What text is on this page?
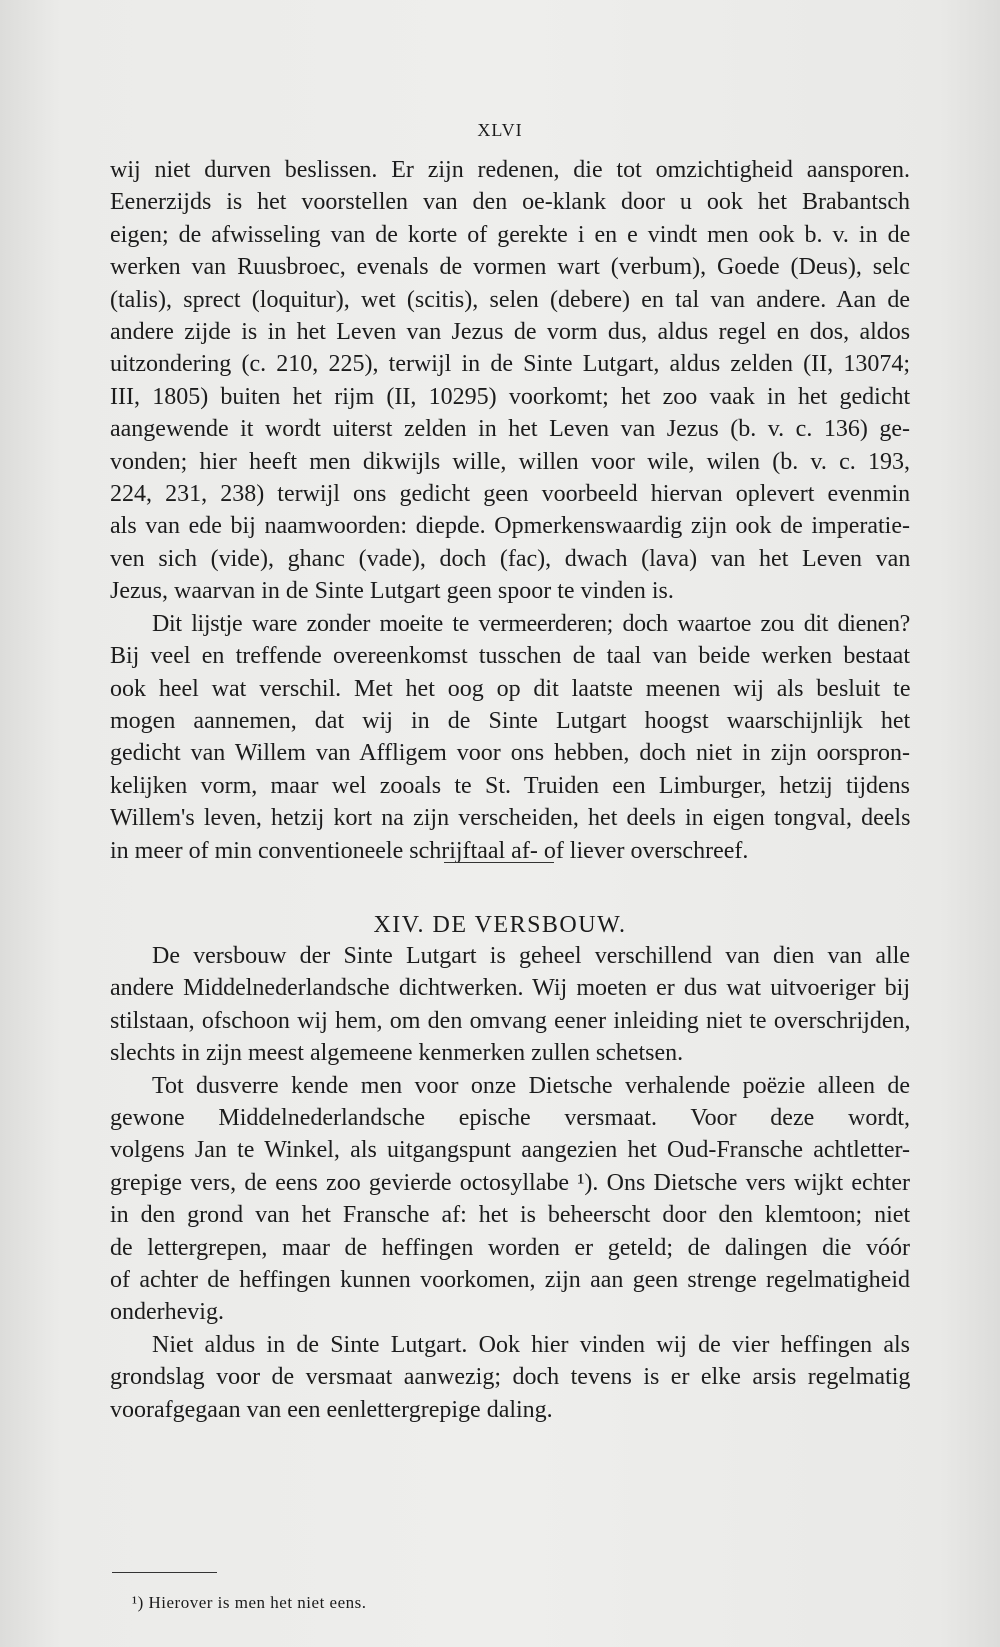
XLVI
wij niet durven beslissen. Er zijn redenen, die tot omzichtigheid aansporen.
Eenerzijds is het voorstellen van den oe-klank door u ook het Brabantsch
eigen; de afwisseling van de korte of gerekte i en e vindt men ook b. v. in de
werken van Ruusbroec, evenals de vormen wart (verbum), Goede (Deus), selc
(talis), sprect (loquitur), wet (scitis), selen (debere) en tal van andere. Aan de
andere zijde is in het Leven van Jezus de vorm dus, aldus regel en dos, aldos
uitzondering (c. 210, 225), terwijl in de Sinte Lutgart, aldus zelden (II, 13074;
III, 1805) buiten het rijm (II, 10295) voorkomt; het zoo vaak in het gedicht
aangewende it wordt uiterst zelden in het Leven van Jezus (b. v. c. 136) ge-
vonden; hier heeft men dikwijls wille, willen voor wile, wilen (b. v. c. 193,
224, 231, 238) terwijl ons gedicht geen voorbeeld hiervan oplevert evenmin
als van ede bij naamwoorden: diepde. Opmerkenswaardig zijn ook de imperatie-
ven sich (vide), ghanc (vade), doch (fac), dwach (lava) van het Leven van
Jezus, waarvan in de Sinte Lutgart geen spoor te vinden is.
Dit lijstje ware zonder moeite te vermeerderen; doch waartoe zou dit dienen?
Bij veel en treffende overeenkomst tusschen de taal van beide werken bestaat
ook heel wat verschil. Met het oog op dit laatste meenen wij als besluit te
mogen aannemen, dat wij in de Sinte Lutgart hoogst waarschijnlijk het
gedicht van Willem van Affligem voor ons hebben, doch niet in zijn oorspron-
kelijken vorm, maar wel zooals te St. Truiden een Limburger, hetzij tijdens
Willem's leven, hetzij kort na zijn verscheiden, het deels in eigen tongval, deels
in meer of min conventioneele schrijftaal af- of liever overschreef.
XIV. DE VERSBOUW.
De versbouw der Sinte Lutgart is geheel verschillend van dien van alle
andere Middelnederlandsche dichtwerken. Wij moeten er dus wat uitvoeriger bij
stilstaan, ofschoon wij hem, om den omvang eener inleiding niet te overschrijden,
slechts in zijn meest algemeene kenmerken zullen schetsen.
Tot dusverre kende men voor onze Dietsche verhalende poëzie alleen de
gewone Middelnederlandsche epische versmaat. Voor deze wordt,
volgens Jan te Winkel, als uitgangspunt aangezien het Oud-Fransche achtletter-
grepige vers, de eens zoo gevierde octosyllabe ¹). Ons Dietsche vers wijkt echter
in den grond van het Fransche af: het is beheerscht door den klemtoon; niet
de lettergrepen, maar de heffingen worden er geteld; de dalingen die vóór
of achter de heffingen kunnen voorkomen, zijn aan geen strenge regelmatigheid
onderhevig.
Niet aldus in de Sinte Lutgart. Ook hier vinden wij de vier heffingen als
grondslag voor de versmaat aanwezig; doch tevens is er elke arsis regelmatig
voorafgegaan van een eenlettergrepige daling.
¹) Hierover is men het niet eens.
